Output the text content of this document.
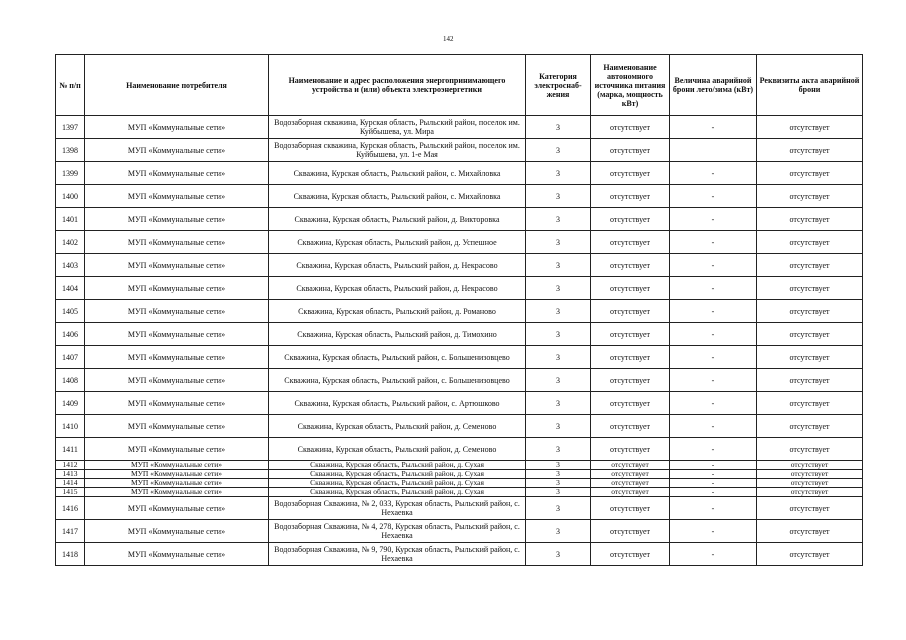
142
№ п/п	Наименование потребителя	Наименование и адрес расположения энергопринимающего устройства и (или) объекта электроэнергетики	Категория электроснаб- жения	Наименование автономного источника питания (марка, мощность кВт)	Величина аварийной брони лето/зима (кВт)	Реквизиты акта аварийной брони
1397	МУП «Коммунальные сети»	Водозаборная скважина, Курская область, Рыльский район, поселок им. Куйбышева, ул. Мира	3	отсутствует	-	отсутствует
1398	МУП «Коммунальные сети»	Водозаборная скважина, Курская область, Рыльский район, поселок им. Куйбышева, ул. 1-е Мая	3	отсутствует		отсутствует
1399	МУП «Коммунальные сети»	Скважина, Курская область, Рыльский район, с. Михайловка	3	отсутствует	-	отсутствует
1400	МУП «Коммунальные сети»	Скважина, Курская область, Рыльский район, с. Михайловка	3	отсутствует	-	отсутствует
1401	МУП «Коммунальные сети»	Скважина, Курская область, Рыльский район, д. Викторовка	3	отсутствует	-	отсутствует
1402	МУП «Коммунальные сети»	Скважина, Курская область, Рыльский район, д. Успешное	3	отсутствует	-	отсутствует
1403	МУП «Коммунальные сети»	Скважина, Курская область, Рыльский район, д. Некрасово	3	отсутствует	-	отсутствует
1404	МУП «Коммунальные сети»	Скважина, Курская область, Рыльский район, д. Некрасово	3	отсутствует	-	отсутствует
1405	МУП «Коммунальные сети»	Скважина, Курская область, Рыльский район, д. Романово	3	отсутствует	-	отсутствует
1406	МУП «Коммунальные сети»	Скважина, Курская область, Рыльский район, д. Тимохино	3	отсутствует	-	отсутствует
1407	МУП «Коммунальные сети»	Скважина, Курская область, Рыльский район, с. Большенизовцево	3	отсутствует	-	отсутствует
1408	МУП «Коммунальные сети»	Скважина, Курская область, Рыльский район, с. Большенизовцево	3	отсутствует	-	отсутствует
1409	МУП «Коммунальные сети»	Скважина, Курская область, Рыльский район, с. Артюшково	3	отсутствует	-	отсутствует
1410	МУП «Коммунальные сети»	Скважина, Курская область, Рыльский район, д. Семеново	3	отсутствует	-	отсутствует
1411	МУП «Коммунальные сети»	Скважина, Курская область, Рыльский район, д. Семеново	3	отсутствует	-	отсутствует
1412	МУП «Коммунальные сети»	Скважина, Курская область, Рыльский район, д. Сухая	3	отсутствует	-	отсутствует
1413	МУП «Коммунальные сети»	Скважина, Курская область, Рыльский район, д. Сухая	3	отсутствует	-	отсутствует
1414	МУП «Коммунальные сети»	Скважина, Курская область, Рыльский район, д. Сухая	3	отсутствует	-	отсутствует
1415	МУП «Коммунальные сети»	Скважина, Курская область, Рыльский район, д. Сухая	3	отсутствует	-	отсутствует
1416	МУП «Коммунальные сети»	Водозаборная Скважина, № 2, 033, Курская область, Рыльский район, с. Нехаевка	3	отсутствует	-	отсутствует
1417	МУП «Коммунальные сети»	Водозаборная Скважина, № 4, 278, Курская область, Рыльский район, с. Нехаевка	3	отсутствует	-	отсутствует
1418	МУП «Коммунальные сети»	Водозаборная Скважина, № 9, 790, Курская область, Рыльский район, с. Нехаевка	3	отсутствует	-	отсутствует
